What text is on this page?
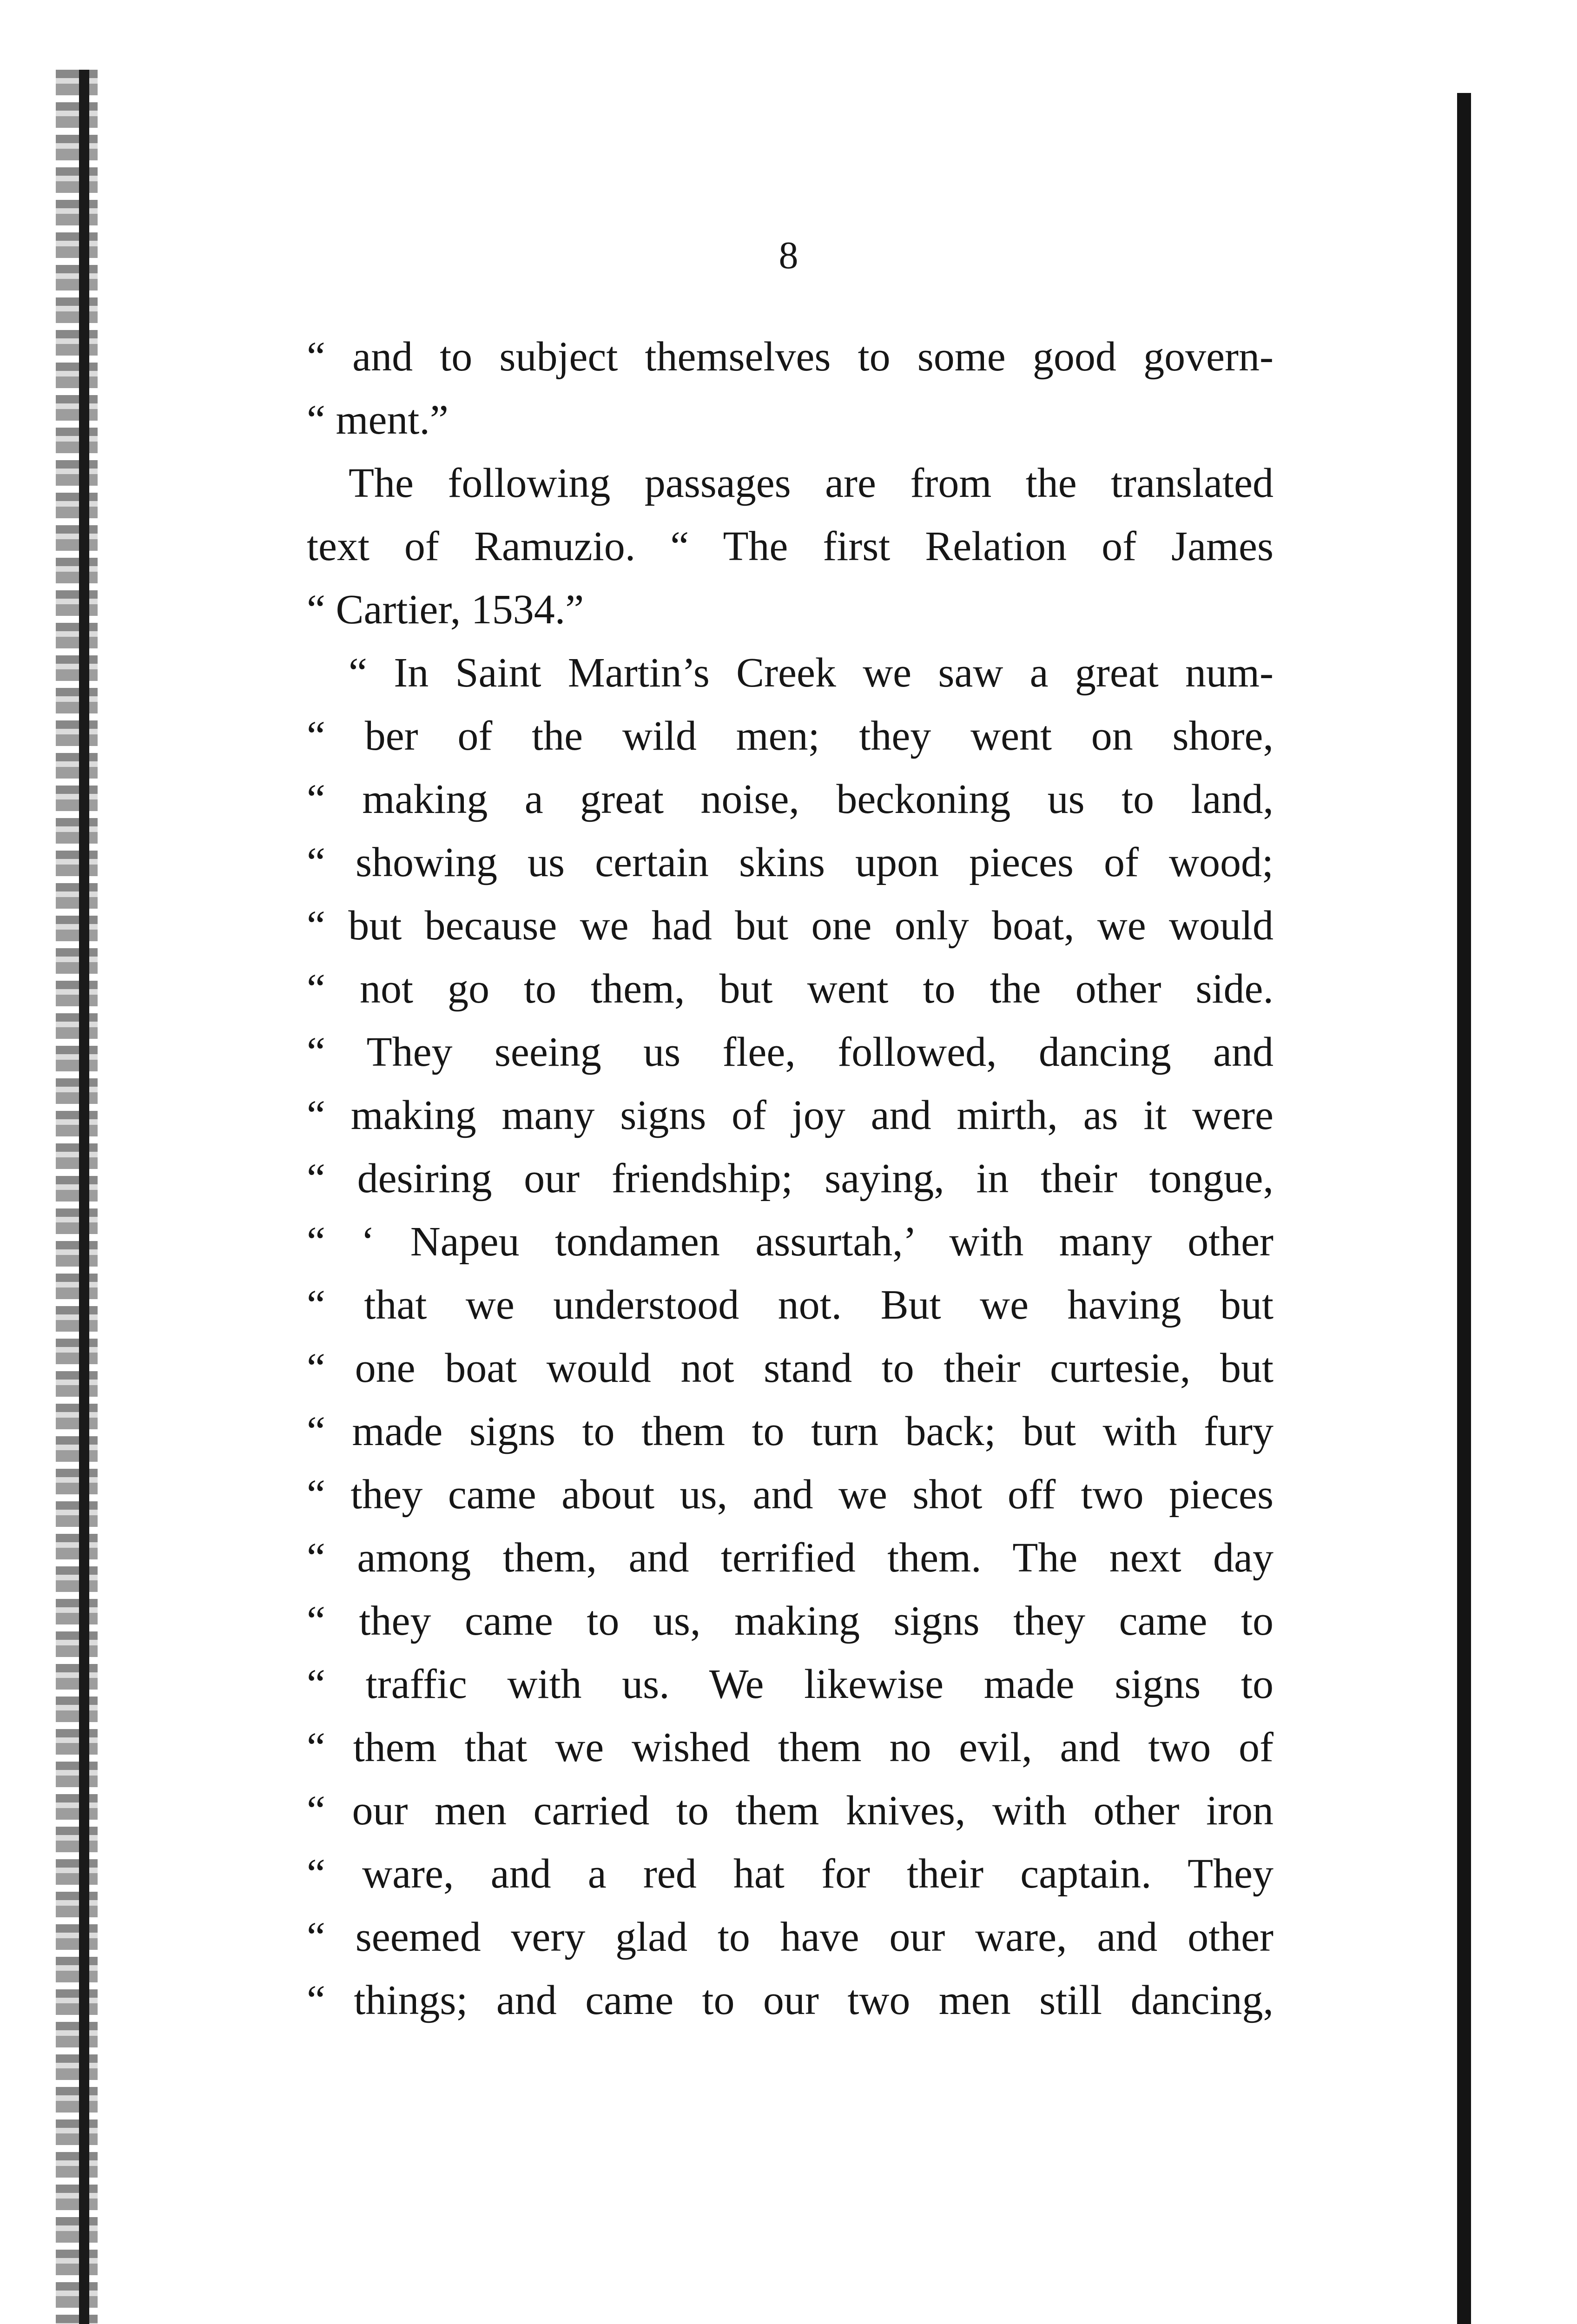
8
“ and to subject themselves to some good govern-
“ ment.”
The following passages are from the translated
text of Ramuzio. “ The first Relation of James
“ Cartier, 1534.”
“ In Saint Martin’s Creek we saw a great num-
“ ber of the wild men; they went on shore,
“ making a great noise, beckoning us to land,
“ showing us certain skins upon pieces of wood;
“ but because we had but one only boat, we would
“ not go to them, but went to the other side.
“ They seeing us flee, followed, dancing and
“ making many signs of joy and mirth, as it were
“ desiring our friendship; saying, in their tongue,
“ ‘ Napeu tondamen assurtah,’ with many other
“ that we understood not. But we having but
“ one boat would not stand to their curtesie, but
“ made signs to them to turn back; but with fury
“ they came about us, and we shot off two pieces
“ among them, and terrified them. The next day
“ they came to us, making signs they came to
“ traffic with us. We likewise made signs to
“ them that we wished them no evil, and two of
“ our men carried to them knives, with other iron
“ ware, and a red hat for their captain. They
“ seemed very glad to have our ware, and other
“ things; and came to our two men still dancing,
